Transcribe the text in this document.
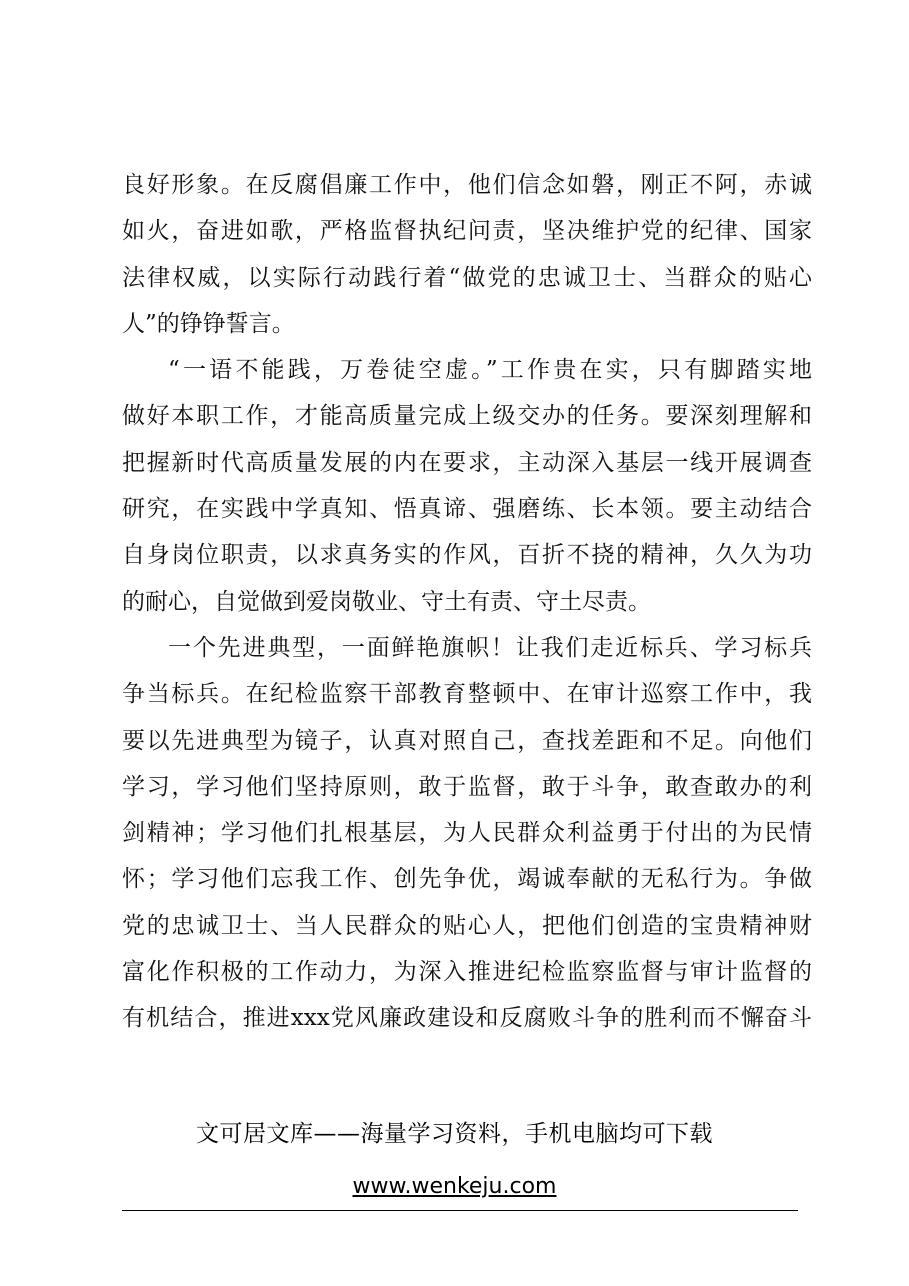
良好形象。在反腐倡廉工作中，他们信念如磐，刚正不阿，赤诚
如火，奋进如歌，严格监督执纪问责，坚决维护党的纪律、国家
法律权威，以实际行动践行着“做党的忠诚卫士、当群众的贴心
人”的铮铮誓言。
“一语不能践，万卷徒空虚。”工作贵在实，只有脚踏实地
做好本职工作，才能高质量完成上级交办的任务。要深刻理解和
把握新时代高质量发展的内在要求，主动深入基层一线开展调查
研究，在实践中学真知、悟真谛、强磨练、长本领。要主动结合
自身岗位职责，以求真务实的作风，百折不挠的精神，久久为功
的耐心，自觉做到爱岗敬业、守土有责、守土尽责。
一个先进典型，一面鲜艳旗帜！让我们走近标兵、学习标兵
争当标兵。在纪检监察干部教育整顿中、在审计巡察工作中，我
要以先进典型为镜子，认真对照自己，查找差距和不足。向他们
学习，学习他们坚持原则，敢于监督，敢于斗争，敢查敢办的利
剑精神；学习他们扎根基层，为人民群众利益勇于付出的为民情
怀；学习他们忘我工作、创先争优，竭诚奉献的无私行为。争做
党的忠诚卫士、当人民群众的贴心人，把他们创造的宝贵精神财
富化作积极的工作动力，为深入推进纪检监察监督与审计监督的
有机结合，推进xxx党风廉政建设和反腐败斗争的胜利而不懈奋斗
文可居文库——海量学习资料，手机电脑均可下载
www.wenkeju.com
